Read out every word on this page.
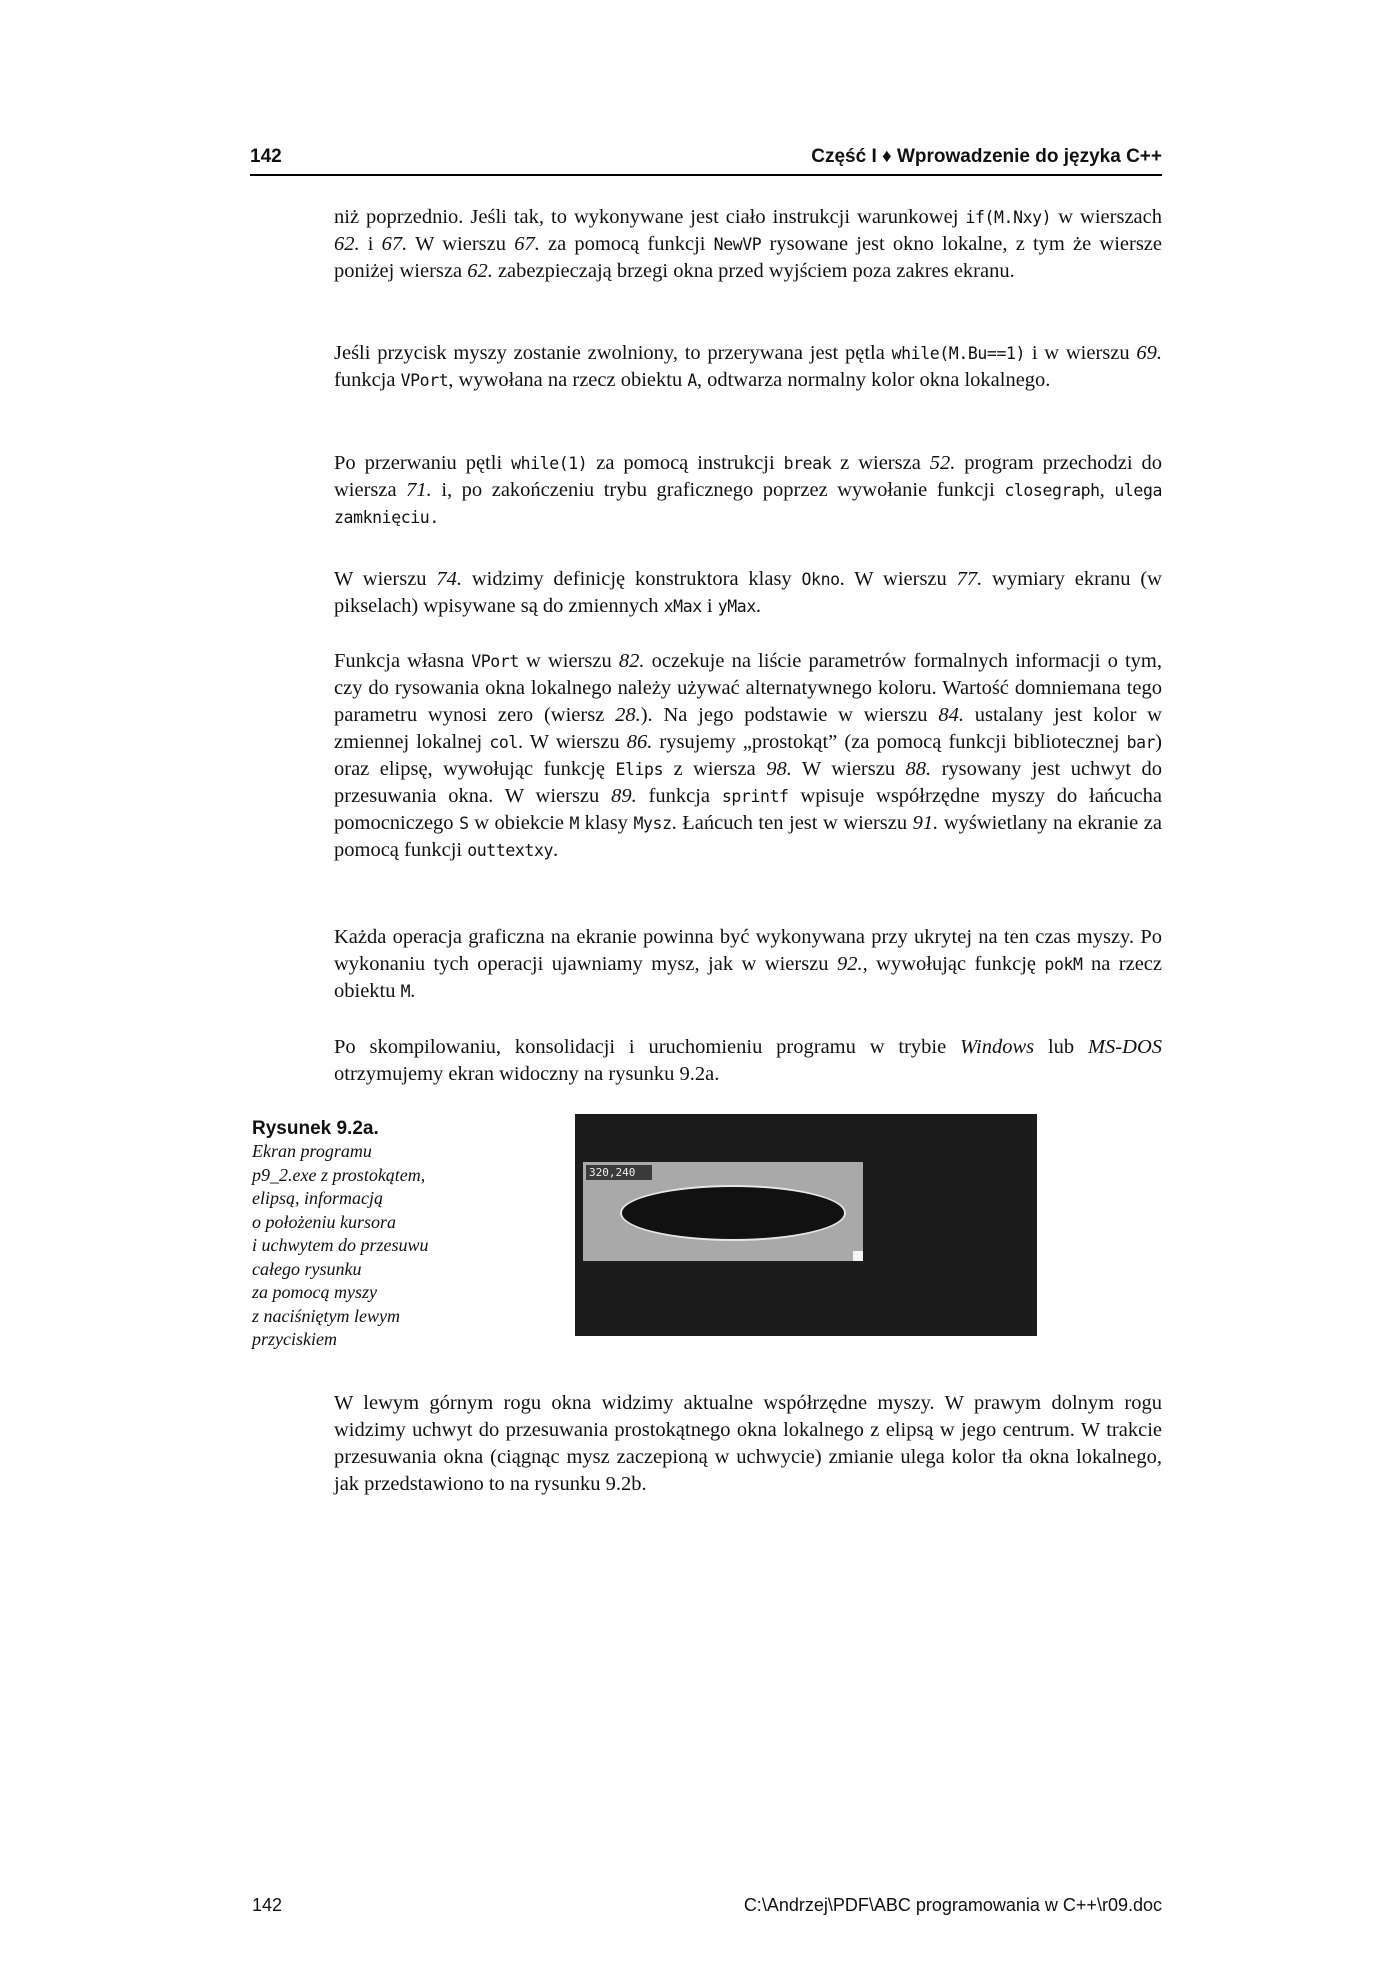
142	Część I ♦ Wprowadzenie do języka C++

niż poprzednio. Jeśli tak, to wykonywane jest ciało instrukcji warunkowej if(M.Nxy) w wierszach 62. i 67. W wierszu 67. za pomocą funkcji NewVP rysowane jest okno lokalne, z tym że wiersze poniżej wiersza 62. zabezpieczają brzegi okna przed wyjściem poza zakres ekranu.

Jeśli przycisk myszy zostanie zwolniony, to przerywana jest pętla while(M.Bu==1) i w wierszu 69. funkcja VPort, wywołana na rzecz obiektu A, odtwarza normalny kolor okna lokalnego.

Po przerwaniu pętli while(1) za pomocą instrukcji break z wiersza 52. program przechodzi do wiersza 71. i, po zakończeniu trybu graficznego poprzez wywołanie funkcji closegraph, ulega zamknięciu.

W wierszu 74. widzimy definicję konstruktora klasy Okno. W wierszu 77. wymiary ekranu (w pikselach) wpisywane są do zmiennych xMax i yMax.

Funkcja własna VPort w wierszu 82. oczekuje na liście parametrów formalnych informacji o tym, czy do rysowania okna lokalnego należy używać alternatywnego koloru. Wartość domniemana tego parametru wynosi zero (wiersz 28.). Na jego podstawie w wierszu 84. ustalany jest kolor w zmiennej lokalnej col. W wierszu 86. rysujemy „prostokąt” (za pomocą funkcji bibliotecznej bar) oraz elipsę, wywołując funkcję Elips z wiersza 98. W wierszu 88. rysowany jest uchwyt do przesuwania okna. W wierszu 89. funkcja sprintf wpisuje współrzędne myszy do łańcucha pomocniczego S w obiekcie M klasy Mysz. Łańcuch ten jest w wierszu 91. wyświetlany na ekranie za pomocą funkcji outtextxy.

Każda operacja graficzna na ekranie powinna być wykonywana przy ukrytej na ten czas myszy. Po wykonaniu tych operacji ujawniamy mysz, jak w wierszu 92., wywołując funkcję pokM na rzecz obiektu M.

Po skompilowaniu, konsolidacji i uruchomieniu programu w trybie Windows lub MS-DOS otrzymujemy ekran widoczny na rysunku 9.2a.

Rysunek 9.2a.
Ekran programu
p9_2.exe z prostokątem,
elipsą, informacją
o położeniu kursora
i uchwytem do przesuwu
całego rysunku
za pomocą myszy
z naciśniętym lewym
przyciskiem
320,240

W lewym górnym rogu okna widzimy aktualne współrzędne myszy. W prawym dolnym rogu widzimy uchwyt do przesuwania prostokątnego okna lokalnego z elipsą w jego centrum. W trakcie przesuwania okna (ciągnąc mysz zaczepioną w uchwycie) zmianie ulega kolor tła okna lokalnego, jak przedstawiono to na rysunku 9.2b.

142	C:\Andrzej\PDF\ABC programowania w C++\r09.doc
